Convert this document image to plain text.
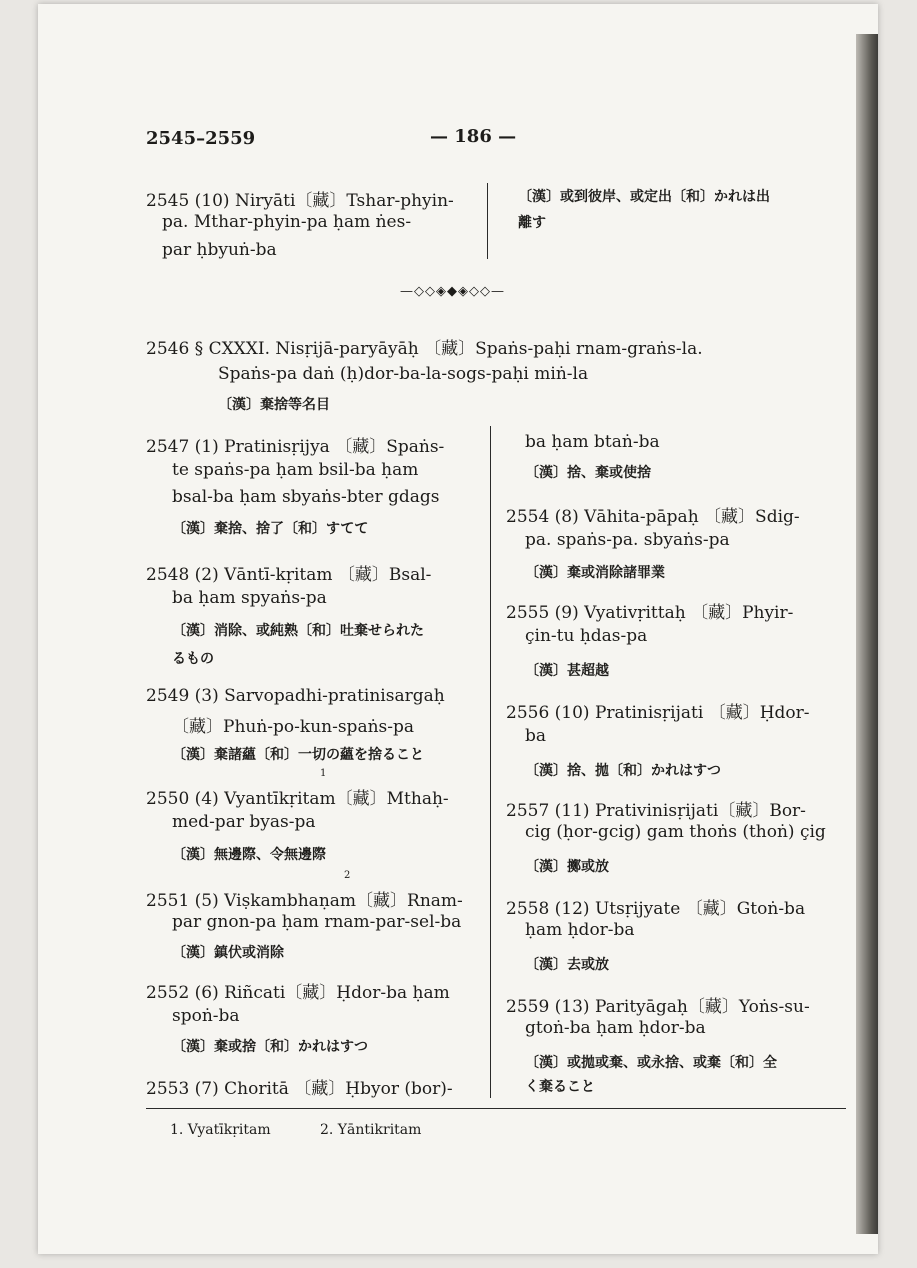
2545–2559	— 186 —
2545 (10) Niryāti〔藏〕Tshar-phyin-
pa. Mthar-phyin-pa ḥam ṅes-
par ḥbyuṅ-ba
〔漢〕或到彼岸、或定出〔和〕かれは出
離す
—◇◇◈◆◈◇◇—
2546 § CXXXI. Nisṛijā-paryāyāḥ 〔藏〕Spaṅs-paḥi rnam-graṅs-la.
Spaṅs-pa daṅ (ḥ)dor-ba-la-sogs-paḥi miṅ-la
〔漢〕棄捨等名目
2547 (1) Pratinisṛijya 〔藏〕Spaṅs-
te spaṅs-pa ḥam bsil-ba ḥam
bsal-ba ḥam sbyaṅs-bter gdags
〔漢〕棄捨、捨了〔和〕すてて
2548 (2) Vāntī-kṛitam 〔藏〕Bsal-
ba ḥam spyaṅs-pa
〔漢〕消除、或純熟〔和〕吐棄せられた
るもの
2549 (3) Sarvopadhi-pratinisargaḥ
〔藏〕Phuṅ-po-kun-spaṅs-pa
〔漢〕棄諸蘊〔和〕一切の蘊を捨ること
1
2550 (4) Vyantīkṛitam〔藏〕Mthaḥ-
med-par byas-pa
〔漢〕無邊際、令無邊際
2
2551 (5) Viṣkambhaṇam〔藏〕Rnam-
par gnon-pa ḥam rnam-par-sel-ba
〔漢〕鎮伏或消除
2552 (6) Riñcati〔藏〕Ḥdor-ba ḥam
spoṅ-ba
〔漢〕棄或捨〔和〕かれはすつ
2553 (7) Choritā 〔藏〕Ḥbyor (bor)-
ba ḥam btaṅ-ba
〔漢〕捨、棄或使捨
2554 (8) Vāhita-pāpaḥ 〔藏〕Sdig-
pa. spaṅs-pa. sbyaṅs-pa
〔漢〕棄或消除諸罪業
2555 (9) Vyativṛittaḥ 〔藏〕Phyir-
çin-tu ḥdas-pa
〔漢〕甚超越
2556 (10) Pratinisṛijati 〔藏〕Ḥdor-
ba
〔漢〕捨、拋〔和〕かれはすつ
2557 (11) Prativinisṛijati〔藏〕Bor-
cig (ḥor-gcig) gam thoṅs (thoṅ) çig
〔漢〕擲或放
2558 (12) Utsṛijyate 〔藏〕Gtoṅ-ba
ḥam ḥdor-ba
〔漢〕去或放
2559 (13) Parityāgaḥ〔藏〕Yoṅs-su-
gtoṅ-ba ḥam ḥdor-ba
〔漢〕或拋或棄、或永捨、或棄〔和〕全
く棄ること
1. Vyatīkṛitam	2. Yāntikritam
